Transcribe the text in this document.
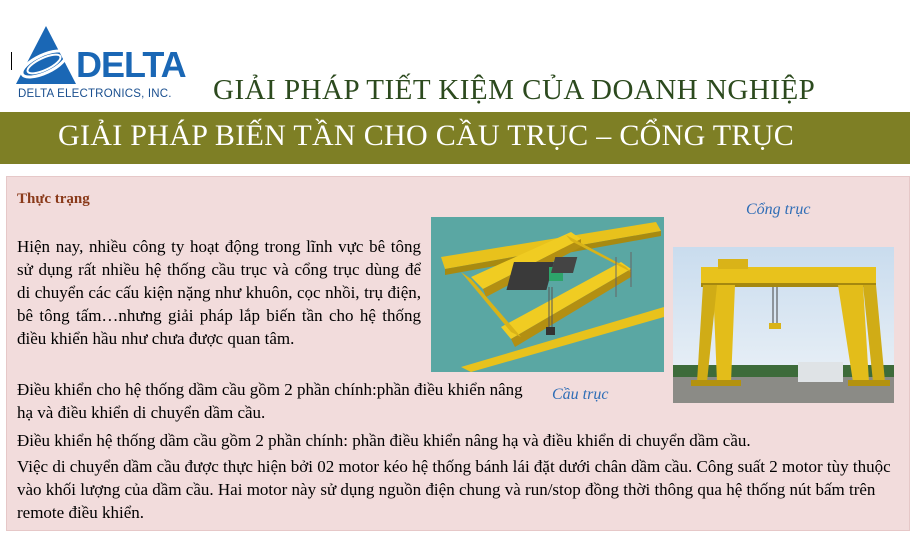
DELTA
DELTA ELECTRONICS, INC. GIẢI PHÁP TIẾT KIỆM CỦA DOANH NGHIỆP
GIẢI PHÁP BIẾN TẦN CHO CẦU TRỤC – CỔNG TRỤC
Thực trạng
Hiện nay, nhiều công ty hoạt động trong lĩnh vực bê tông sử dụng rất nhiều hệ thống cầu trục và cổng trục dùng để di chuyển các cấu kiện nặng như khuôn, cọc nhồi, trụ điện, bê tông tấm…nhưng giải pháp lắp biến tần cho hệ thống điều khiển hầu như chưa được quan tâm.
Điều khiển cho hệ thống dầm cầu gồm 2 phần chính:phần điều khiển nâng hạ và điều khiển di chuyển dầm cầu.
Điều khiển hệ thống dầm cầu gồm 2 phần chính: phần điều khiển nâng hạ và điều khiển di chuyển dầm cầu.
Việc di chuyển dầm cầu được thực hiện bởi 02 motor kéo hệ thống bánh lái đặt dưới chân dầm cầu. Công suất 2 motor tùy thuộc vào khối lượng của dầm cầu. Hai motor này sử dụng nguồn điện chung và run/stop đồng thời thông qua hệ thống nút bấm trên remote điều khiển.
Cổng trục
Cầu trục
